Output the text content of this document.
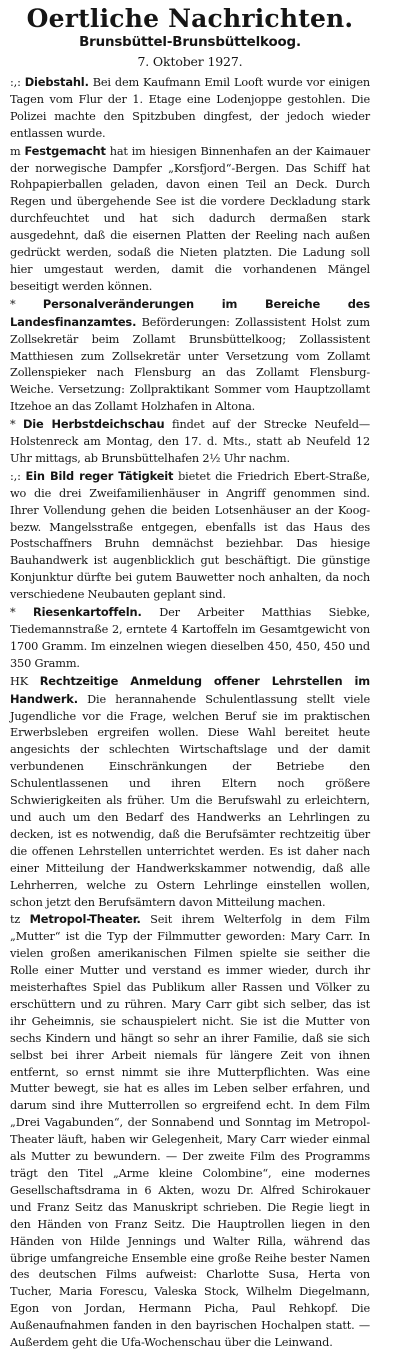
Oertliche Nachrichten.
Brunsbüttel-Brunsbüttelkoog.
7. Oktober 1927.

:,: Diebstahl. Bei dem Kaufmann Emil Looft wurde vor einigen Tagen vom Flur der 1. Etage eine Lodenjoppe gestohlen. Die Polizei machte den Spitzbuben dingfest, der jedoch wieder entlassen wurde.

m Festgemacht hat im hiesigen Binnenhafen an der Kaimauer der norwegische Dampfer „Korsfjord“-Bergen. Das Schiff hat Rohpapierballen geladen, davon einen Teil an Deck. Durch Regen und übergehende See ist die vordere Deckladung stark durchfeuchtet und hat sich dadurch dermaßen stark ausgedehnt, daß die eisernen Platten der Reeling nach außen gedrückt werden, sodaß die Nieten platzten. Die Ladung soll hier umgestaut werden, damit die vorhandenen Mängel beseitigt werden können.

* Personalveränderungen im Bereiche des Landesfinanzamtes. Beförderungen: Zollassistent Holst zum Zollsekretär beim Zollamt Brunsbüttelkoog; Zollassistent Matthiesen zum Zollsekretär unter Versetzung vom Zollamt Zollenspieker nach Flensburg an das Zollamt Flensburg-Weiche. Versetzung: Zollpraktikant Sommer vom Hauptzollamt Itzehoe an das Zollamt Holzhafen in Altona.

* Die Herbstdeichschau findet auf der Strecke Neufeld—Holstenreck am Montag, den 17. d. Mts., statt ab Neufeld 12 Uhr mittags, ab Brunsbüttelhafen 2½ Uhr nachm.

:,: Ein Bild reger Tätigkeit bietet die Friedrich Ebert-Straße, wo die drei Zweifamilienhäuser in Angriff genommen sind. Ihrer Vollendung gehen die beiden Lotsenhäuser an der Koog- bezw. Mangelsstraße entgegen, ebenfalls ist das Haus des Postschaffners Bruhn demnächst beziehbar. Das hiesige Bauhandwerk ist augenblicklich gut beschäftigt. Die günstige Konjunktur dürfte bei gutem Bauwetter noch anhalten, da noch verschiedene Neubauten geplant sind.

* Riesenkartoffeln. Der Arbeiter Matthias Siebke, Tiedemannstraße 2, erntete 4 Kartoffeln im Gesamtgewicht von 1700 Gramm. Im einzelnen wiegen dieselben 450, 450, 450 und 350 Gramm.

HK Rechtzeitige Anmeldung offener Lehrstellen im Handwerk. Die herannahende Schulentlassung stellt viele Jugendliche vor die Frage, welchen Beruf sie im praktischen Erwerbsleben ergreifen wollen. Diese Wahl bereitet heute angesichts der schlechten Wirtschaftslage und der damit verbundenen Einschränkungen der Betriebe den Schulentlassenen und ihren Eltern noch größere Schwierigkeiten als früher. Um die Berufswahl zu erleichtern, und auch um den Bedarf des Handwerks an Lehrlingen zu decken, ist es notwendig, daß die Berufsämter rechtzeitig über die offenen Lehrstellen unterrichtet werden. Es ist daher nach einer Mitteilung der Handwerkskammer notwendig, daß alle Lehrherren, welche zu Ostern Lehrlinge einstellen wollen, schon jetzt den Berufsämtern davon Mitteilung machen.

tz Metropol-Theater. Seit ihrem Welterfolg in dem Film „Mutter“ ist die Typ der Filmmutter geworden: Mary Carr. In vielen großen amerikanischen Filmen spielte sie seither die Rolle einer Mutter und verstand es immer wieder, durch ihr meisterhaftes Spiel das Publikum aller Rassen und Völker zu erschüttern und zu rühren. Mary Carr gibt sich selber, das ist ihr Geheimnis, sie schauspielert nicht. Sie ist die Mutter von sechs Kindern und hängt so sehr an ihrer Familie, daß sie sich selbst bei ihrer Arbeit niemals für längere Zeit von ihnen entfernt, so ernst nimmt sie ihre Mutterpflichten. Was eine Mutter bewegt, sie hat es alles im Leben selber erfahren, und darum sind ihre Mutterrollen so ergreifend echt. In dem Film „Drei Vagabunden“, der Sonnabend und Sonntag im Metropol-Theater läuft, haben wir Gelegenheit, Mary Carr wieder einmal als Mutter zu bewundern. — Der zweite Film des Programms trägt den Titel „Arme kleine Colombine“, eine modernes Gesellschaftsdrama in 6 Akten, wozu Dr. Alfred Schirokauer und Franz Seitz das Manuskript schrieben. Die Regie liegt in den Händen von Franz Seitz. Die Hauptrollen liegen in den Händen von Hilde Jennings und Walter Rilla, während das übrige umfangreiche Ensemble eine große Reihe bester Namen des deutschen Films aufweist: Charlotte Susa, Herta von Tucher, Maria Forescu, Valeska Stock, Wilhelm Diegelmann, Egon von Jordan, Hermann Picha, Paul Rehkopf. Die Außenaufnahmen fanden in den bayrischen Hochalpen statt. — Außerdem geht die Ufa-Wochenschau über die Leinwand.
